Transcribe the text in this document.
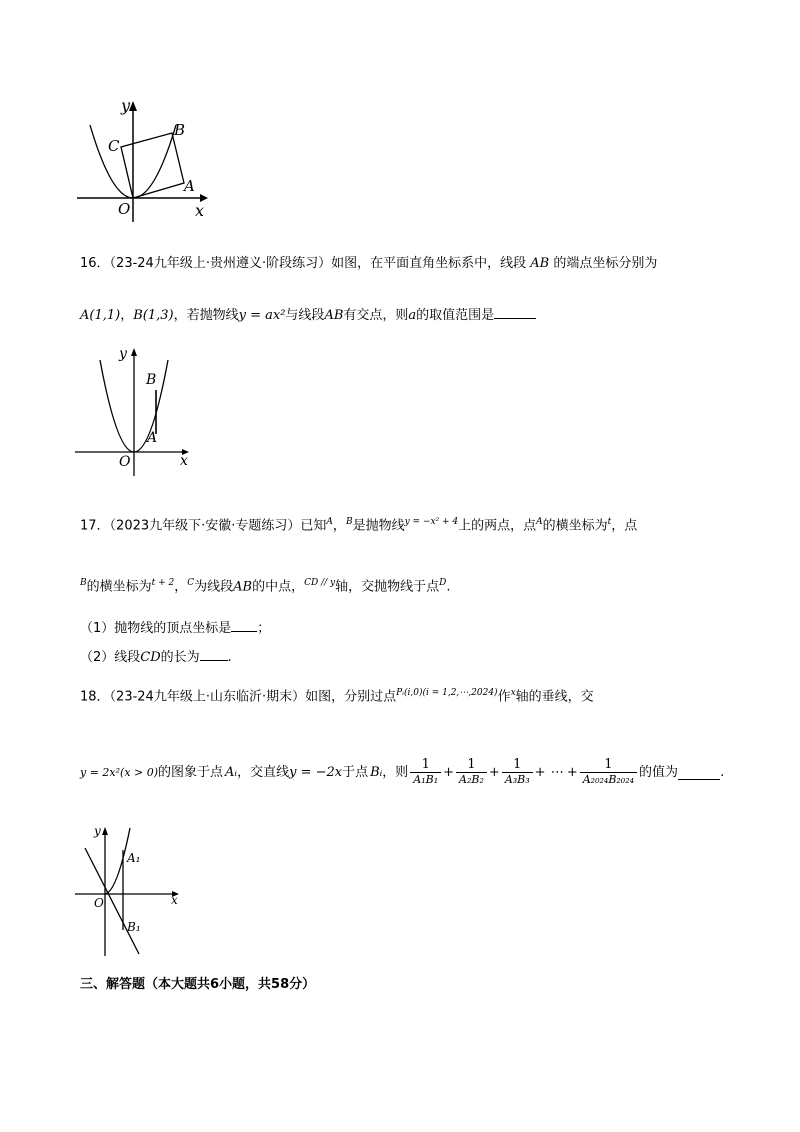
y
x
O
B
C
A
16．（23-24九年级上·贵州遵义·阶段练习）如图，在平面直角坐标系中，线段 AB 的端点坐标分别为
A(1,1)，B(1,3)，若抛物线y = ax²与线段AB有交点，则a的取值范围是
y
x
O
B
A
17．（2023九年级下·安徽·专题练习）已知$^A$，$^B$是抛物线$^{y = -x^2 + 4}$上的两点，点$^A$的横坐标为$^t$，点
$^B$的横坐标为$^{t + 2}$，$^C$为线段AB的中点，$^{CD // y}$轴，交抛物线于点$^D$.
（1）抛物线的顶点坐标是 ；
（2）线段CD的长为 .
18．（23-24九年级上·山东临沂·期末）如图，分别过点$^{Pᵢ(i,0)(i = 1,2,\cdots,2024)}$作$^x$轴的垂线，交
y = 2x²(x > 0) 的图象于点 Aᵢ ，交直线 y = −2x 于点 Bᵢ ，则 $\frac{1}{\text{A₁B₁}} + \frac{1}{\text{A₂B₂}} + \frac{1}{\text{A₃B₃}}$ + ⋯ + $\frac{1}{\text{A₂₀₂₄B₂₀₂₄}}$ 的值为	.
y
x
O
A₁
B₁
三、解答题（本大题共6小题，共58分）
